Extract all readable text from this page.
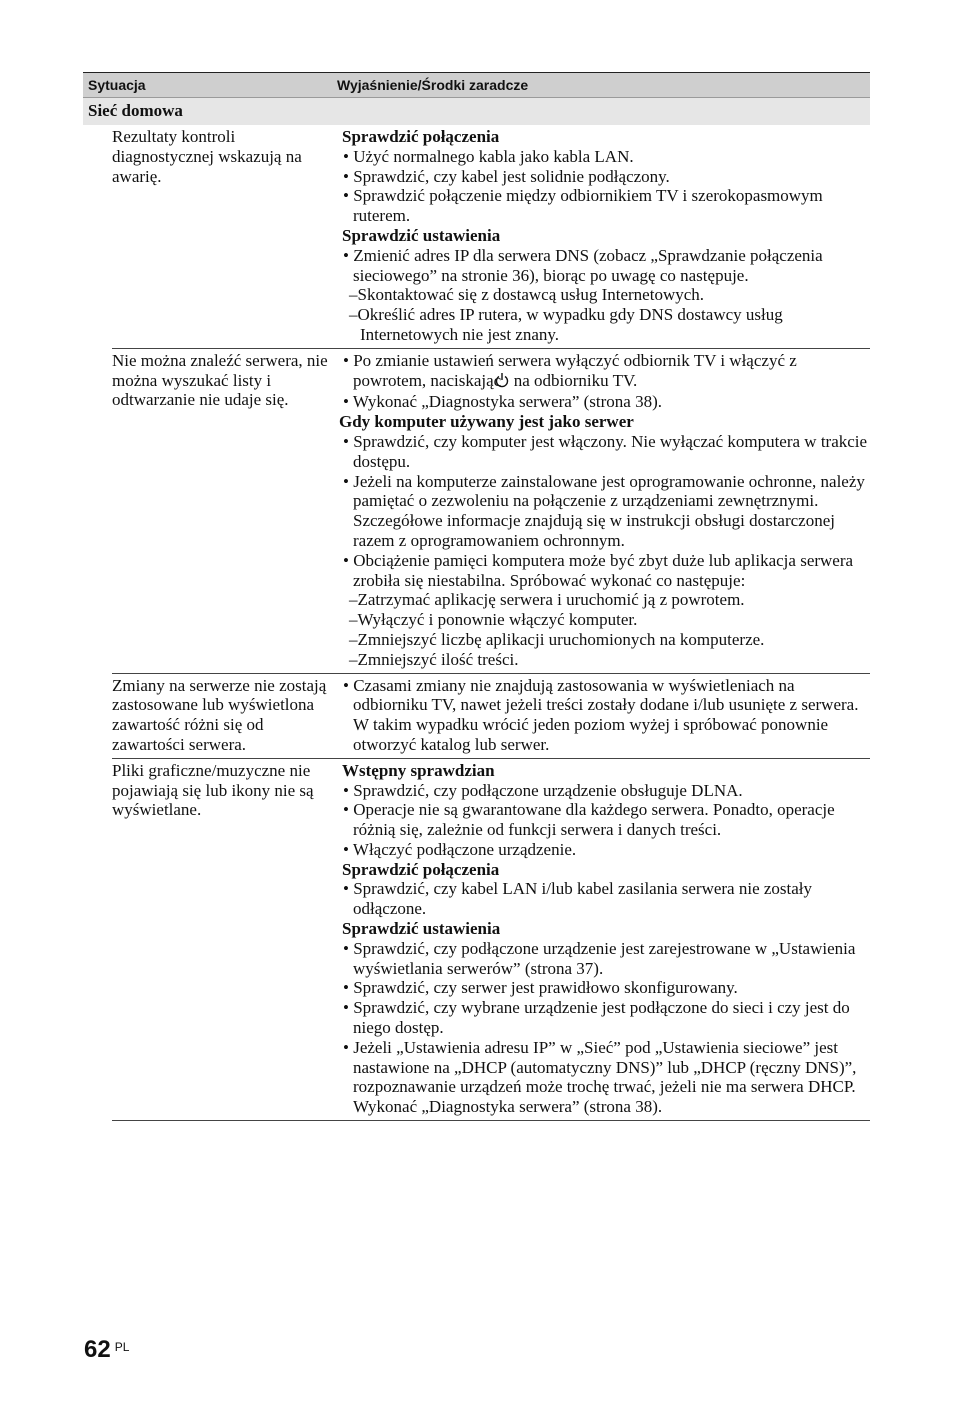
Sytuacja	Wyjaśnienie/Środki zaradcze
Sieć domowa
Rezultaty kontroli diagnostycznej wskazują na awarię.
Sprawdzić połączenia
• Użyć normalnego kabla jako kabla LAN.
• Sprawdzić, czy kabel jest solidnie podłączony.
• Sprawdzić połączenie między odbiornikiem TV i szerokopasmowym ruterem.
Sprawdzić ustawienia
• Zmienić adres IP dla serwera DNS (zobacz „Sprawdzanie połączenia sieciowego” na stronie 36), biorąc po uwagę co następuje.
–Skontaktować się z dostawcą usług Internetowych.
–Określić adres IP rutera, w wypadku gdy DNS dostawcy usług Internetowych nie jest znany.
Nie można znaleźć serwera, nie można wyszukać listy i odtwarzanie nie udaje się.
• Po zmianie ustawień serwera wyłączyć odbiornik TV i włączyć z powrotem, naciskając na odbiorniku TV.
• Wykonać „Diagnostyka serwera” (strona 38).
Gdy komputer używany jest jako serwer
• Sprawdzić, czy komputer jest włączony. Nie wyłączać komputera w trakcie dostępu.
• Jeżeli na komputerze zainstalowane jest oprogramowanie ochronne, należy pamiętać o zezwoleniu na połączenie z urządzeniami zewnętrznymi. Szczegółowe informacje znajdują się w instrukcji obsługi dostarczonej razem z oprogramowaniem ochronnym.
• Obciążenie pamięci komputera może być zbyt duże lub aplikacja serwera zrobiła się niestabilna. Spróbować wykonać co następuje:
–Zatrzymać aplikację serwera i uruchomić ją z powrotem.
–Wyłączyć i ponownie włączyć komputer.
–Zmniejszyć liczbę aplikacji uruchomionych na komputerze.
–Zmniejszyć ilość treści.
Zmiany na serwerze nie zostają zastosowane lub wyświetlona zawartość różni się od zawartości serwera.
• Czasami zmiany nie znajdują zastosowania w wyświetleniach na odbiorniku TV, nawet jeżeli treści zostały dodane i/lub usunięte z serwera. W takim wypadku wrócić jeden poziom wyżej i spróbować ponownie otworzyć katalog lub serwer.
Pliki graficzne/muzyczne nie pojawiają się lub ikony nie są wyświetlane.
Wstępny sprawdzian
• Sprawdzić, czy podłączone urządzenie obsługuje DLNA.
• Operacje nie są gwarantowane dla każdego serwera. Ponadto, operacje różnią się, zależnie od funkcji serwera i danych treści.
• Włączyć podłączone urządzenie.
Sprawdzić połączenia
• Sprawdzić, czy kabel LAN i/lub kabel zasilania serwera nie zostały odłączone.
Sprawdzić ustawienia
• Sprawdzić, czy podłączone urządzenie jest zarejestrowane w „Ustawienia wyświetlania serwerów” (strona 37).
• Sprawdzić, czy serwer jest prawidłowo skonfigurowany.
• Sprawdzić, czy wybrane urządzenie jest podłączone do sieci i czy jest do niego dostęp.
• Jeżeli „Ustawienia adresu IP” w „Sieć” pod „Ustawienia sieciowe” jest nastawione na „DHCP (automatyczny DNS)” lub „DHCP (ręczny DNS)”, rozpoznawanie urządzeń może trochę trwać, jeżeli nie ma serwera DHCP. Wykonać „Diagnostyka serwera” (strona 38).
62 $^{PL}$
